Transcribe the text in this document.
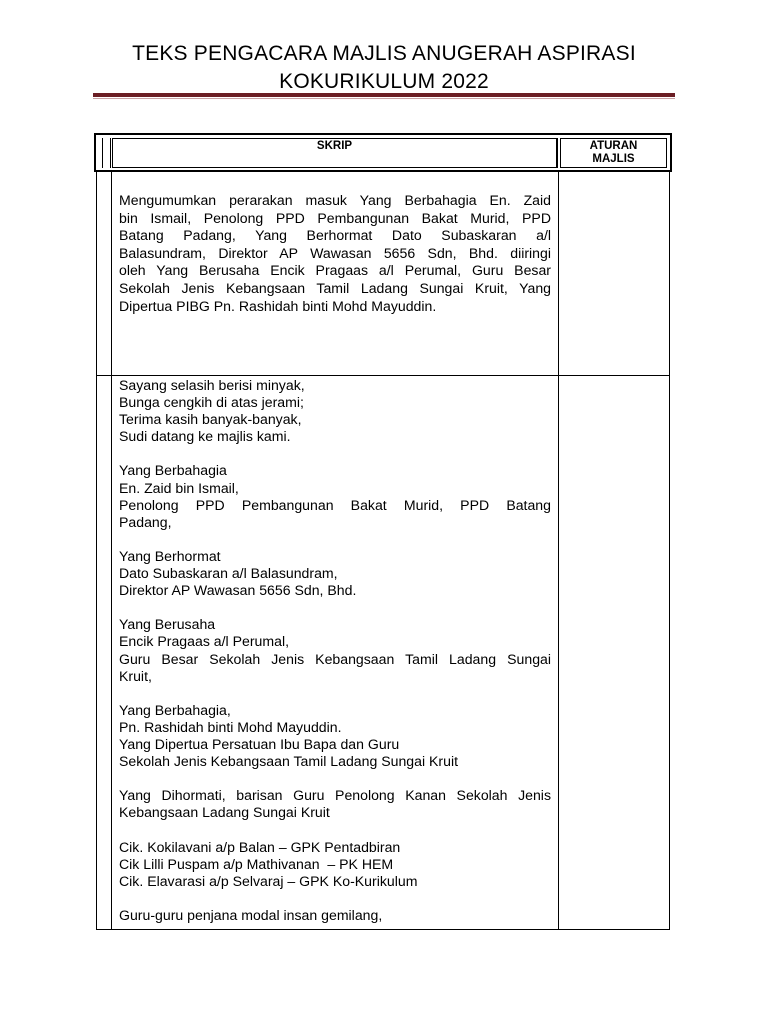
TEKS PENGACARA MAJLIS ANUGERAH ASPIRASI
KOKURIKULUM 2022
SKRIP	ATURAN
MAJLIS
Mengumumkan perarakan masuk Yang Berbahagia En. Zaid
bin Ismail, Penolong PPD Pembangunan Bakat Murid, PPD
Batang Padang, Yang Berhormat Dato Subaskaran a/l
Balasundram, Direktor AP Wawasan 5656 Sdn, Bhd. diiringi
oleh Yang Berusaha Encik Pragaas a/l Perumal, Guru Besar
Sekolah Jenis Kebangsaan Tamil Ladang Sungai Kruit, Yang
Dipertua PIBG Pn. Rashidah binti Mohd Mayuddin.
Sayang selasih berisi minyak,
Bunga cengkih di atas jerami;
Terima kasih banyak-banyak,
Sudi datang ke majlis kami.
Yang Berbahagia
En. Zaid bin Ismail,
Penolong PPD Pembangunan Bakat Murid, PPD Batang
Padang,
Yang Berhormat
Dato Subaskaran a/l Balasundram,
Direktor AP Wawasan 5656 Sdn, Bhd.
Yang Berusaha
Encik Pragaas a/l Perumal,
Guru Besar Sekolah Jenis Kebangsaan Tamil Ladang Sungai
Kruit,
Yang Berbahagia,
Pn. Rashidah binti Mohd Mayuddin.
Yang Dipertua Persatuan Ibu Bapa dan Guru
Sekolah Jenis Kebangsaan Tamil Ladang Sungai Kruit
Yang Dihormati, barisan Guru Penolong Kanan Sekolah Jenis
Kebangsaan Ladang Sungai Kruit
Cik. Kokilavani a/p Balan – GPK Pentadbiran
Cik Lilli Puspam a/p Mathivanan  – PK HEM
Cik. Elavarasi a/p Selvaraj – GPK Ko-Kurikulum
Guru-guru penjana modal insan gemilang,
